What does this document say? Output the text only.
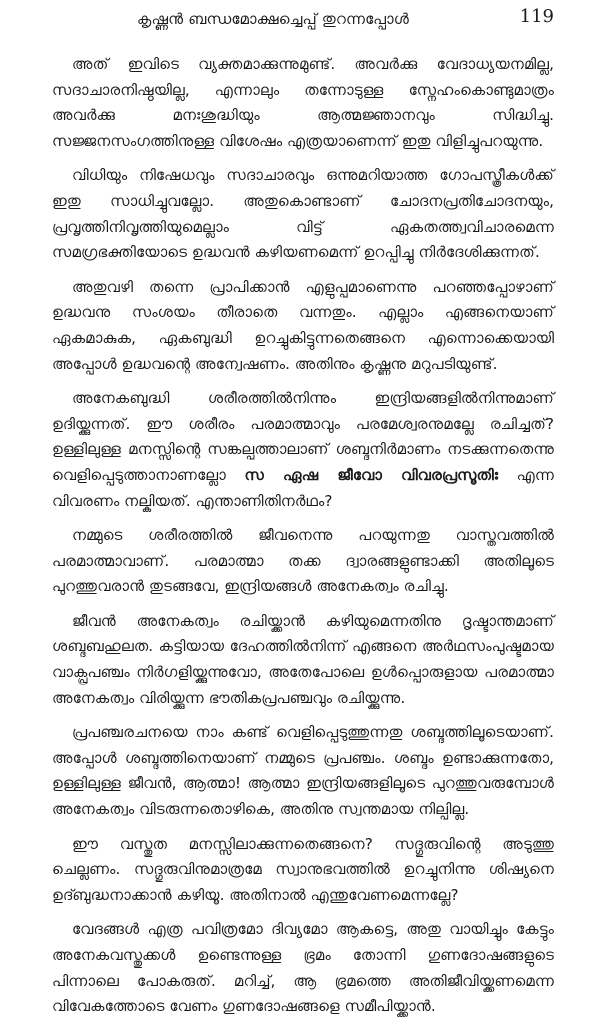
കൃഷ്ണൻ ബന്ധമോക്ഷച്ചെപ്പ് തുറന്നപ്പോൾ	119

അത് ഇവിടെ വ്യക്തമാക്കുന്നുമുണ്ട്. അവർക്കു വേദാധ്യയനമില്ല, സദാചാരനിഷ്ഠയില്ല, എന്നാലും തന്നോടുള്ള സ്നേഹംകൊണ്ടുമാത്രം അവർക്കു മനഃശുദ്ധിയും ആത്മജ്ഞാനവും സിദ്ധിച്ചു. സജ്ജനസംഗത്തിനുള്ള വിശേഷം എത്രയാണെന്ന് ഇതു വിളിച്ചുപറയുന്നു.

വിധിയും നിഷേധവും സദാചാരവും ഒന്നുമറിയാത്ത ഗോപസ്ത്രീകൾക്ക് ഇതു സാധിച്ചുവല്ലോ. അതുകൊണ്ടാണ് ചോദനപ്രതിചോദനയും, പ്രവൃത്തിനിവൃത്തിയുമെല്ലാം വിട്ട് ഏകതത്ത്വവിചാരമെന്ന സമഗ്രഭക്തിയോടെ ഉദ്ധവൻ കഴിയണമെന്ന് ഉറപ്പിച്ചു നിർദേശിക്കുന്നത്.

അതുവഴി തന്നെ പ്രാപിക്കാൻ എളുപ്പമാണെന്നു പറഞ്ഞപ്പോഴാണ് ഉദ്ധവനു സംശയം തീരാതെ വന്നതും. എല്ലാം എങ്ങനെയാണ് ഏകമാകുക, ഏകബുദ്ധി ഉറച്ചുകിട്ടുന്നതെങ്ങനെ എന്നൊക്കെയായി അപ്പോൾ ഉദ്ധവന്റെ അന്വേഷണം. അതിനും കൃഷ്ണനു മറുപടിയുണ്ട്.

അനേകബുദ്ധി ശരീരത്തിൽനിന്നും ഇന്ദ്രിയങ്ങളിൽനിന്നുമാണ് ഉദിയ്ക്കുന്നത്. ഈ ശരീരം പരമാത്മാവും പരമേശ്വരനുമല്ലേ രചിച്ചത്? ഉള്ളിലുള്ള മനസ്സിന്റെ സങ്കല്പത്താലാണ് ശബ്ദനിർമാണം നടക്കുന്നതെന്നു വെളിപ്പെടുത്താനാണല്ലോ സ ഏഷ ജീവോ വിവരപ്രസൂതിഃ എന്ന വിവരണം നല്കിയത്. എന്താണിതിനർഥം?

നമ്മുടെ ശരീരത്തിൽ ജീവനെന്നു പറയുന്നതു വാസ്തവത്തിൽ പരമാത്മാവാണ്. പരമാത്മാ തക്ക ദ്വാരങ്ങളുണ്ടാക്കി അതിലൂടെ പുറത്തുവരാൻ തുടങ്ങവേ, ഇന്ദ്രിയങ്ങൾ അനേകത്വം രചിച്ചു.

ജീവൻ അനേകത്വം രചിയ്ക്കാൻ കഴിയുമെന്നതിനു ദൃഷ്ടാന്തമാണ് ശബ്ദബഹുലത. കട്ടിയായ ദേഹത്തിൽനിന്ന് എങ്ങനെ അർഥസംപുഷ്ടമായ വാക്പ്രപഞ്ചം നിർഗളിയ്ക്കുന്നുവോ, അതേപോലെ ഉൾപ്പൊരുളായ പരമാത്മാ അനേകത്വം വിരിയ്ക്കുന്ന ഭൗതികപ്രപഞ്ചവും രചിയ്ക്കുന്നു.

പ്രപഞ്ചരചനയെ നാം കണ്ട് വെളിപ്പെടുത്തുന്നതു ശബ്ദത്തിലൂടെയാണ്. അപ്പോൾ ശബ്ദത്തിനെയാണ് നമ്മുടെ പ്രപഞ്ചം. ശബ്ദം ഉണ്ടാക്കുന്നതോ, ഉള്ളിലുള്ള ജീവൻ, ആത്മാ! ആത്മാ ഇന്ദ്രിയങ്ങളിലൂടെ പുറത്തുവരുമ്പോൾ അനേകത്വം വിടരുന്നതൊഴികെ, അതിനു സ്വന്തമായ നില്പില്ല.

ഈ വസ്തുത മനസ്സിലാക്കുന്നതെങ്ങനെ? സദ്ഗുരുവിന്റെ അടുത്തു ചെല്ലണം. സദ്ഗുരുവിനുമാത്രമേ സ്വാനുഭവത്തിൽ ഉറച്ചുനിന്നു ശിഷ്യനെ ഉദ്ബുദ്ധനാക്കാൻ കഴിയൂ. അതിനാൽ എന്തുവേണമെന്നല്ലേ?

വേദങ്ങൾ എത്ര പവിത്രമോ ദിവ്യമോ ആകട്ടെ, അതു വായിച്ചും കേട്ടും അനേകവസ്തുക്കൾ ഉണ്ടെന്നുള്ള ഭ്രമം തോന്നി ഗുണദോഷങ്ങളുടെ പിന്നാലെ പോകരുത്. മറിച്ച്, ആ ഭ്രമത്തെ അതിജീവിയ്ക്കണമെന്ന വിവേകത്തോടെ വേണം ഗുണദോഷങ്ങളെ സമീപിയ്ക്കാൻ.
